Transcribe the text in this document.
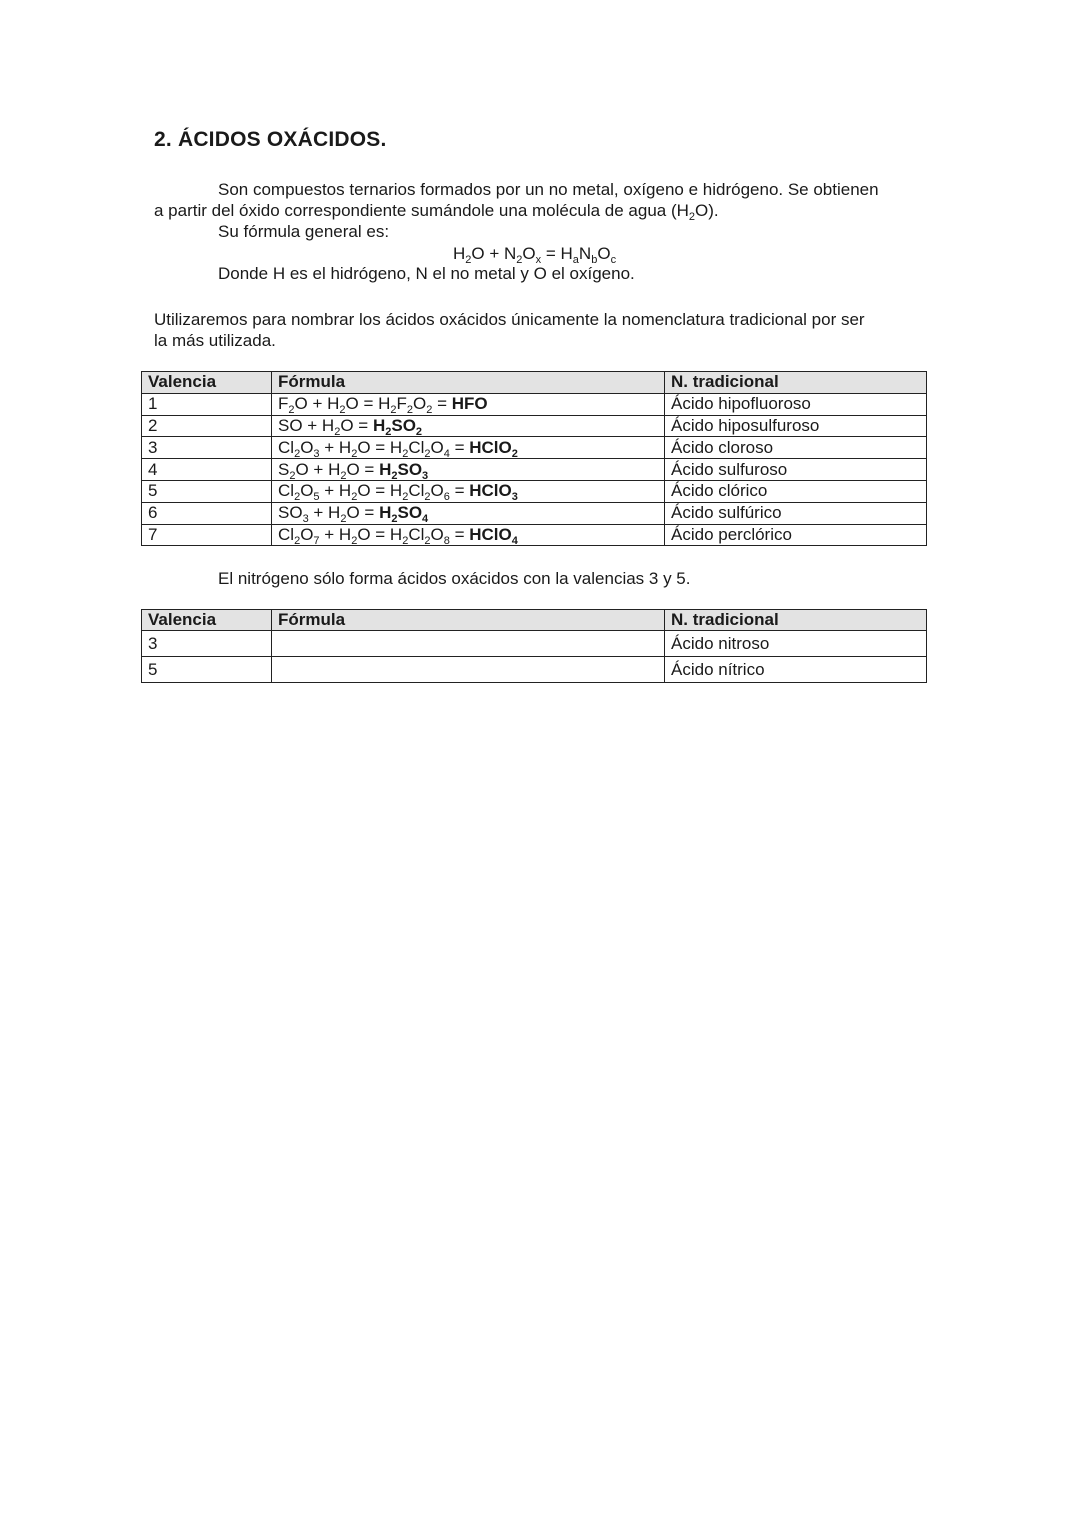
2. ÁCIDOS OXÁCIDOS.
Son compuestos ternarios formados por un no metal, oxígeno e hidrógeno. Se obtienen
a partir del óxido correspondiente sumándole una molécula de agua $(H_2O)$.
Su fórmula general es:
$H_2O + N_2O_x = H_aN_bO_c$
Donde H es el hidrógeno, N el no metal y O el oxígeno.
Utilizaremos para nombrar los ácidos oxácidos únicamente la nomenclatura tradicional por ser
la más utilizada.
Valencia	Fórmula	N. tradicional
1	$F_2O + H_2O = H_2F_2O_2$ = HFO	Ácido hipofluoroso
2	SO + $H_2O = H_2SO_2$	Ácido hiposulfuroso
3	$Cl_2O_3 + H_2O = H_2Cl_2O_4$ = HClO$_2$	Ácido cloroso
4	$S_2O + H_2O = H_2SO_3$	Ácido sulfuroso
5	$Cl_2O_5 + H_2O = H_2Cl_2O_6$ = HClO$_3$	Ácido clórico
6	$SO_3 + H_2O = H_2SO_4$	Ácido sulfúrico
7	$Cl_2O_7 + H_2O = H_2Cl_2O_8$ = HClO$_4$	Ácido perclórico
El nitrógeno sólo forma ácidos oxácidos con la valencias 3 y 5.
Valencia	Fórmula	N. tradicional
3		Ácido nitroso
5		Ácido nítrico
